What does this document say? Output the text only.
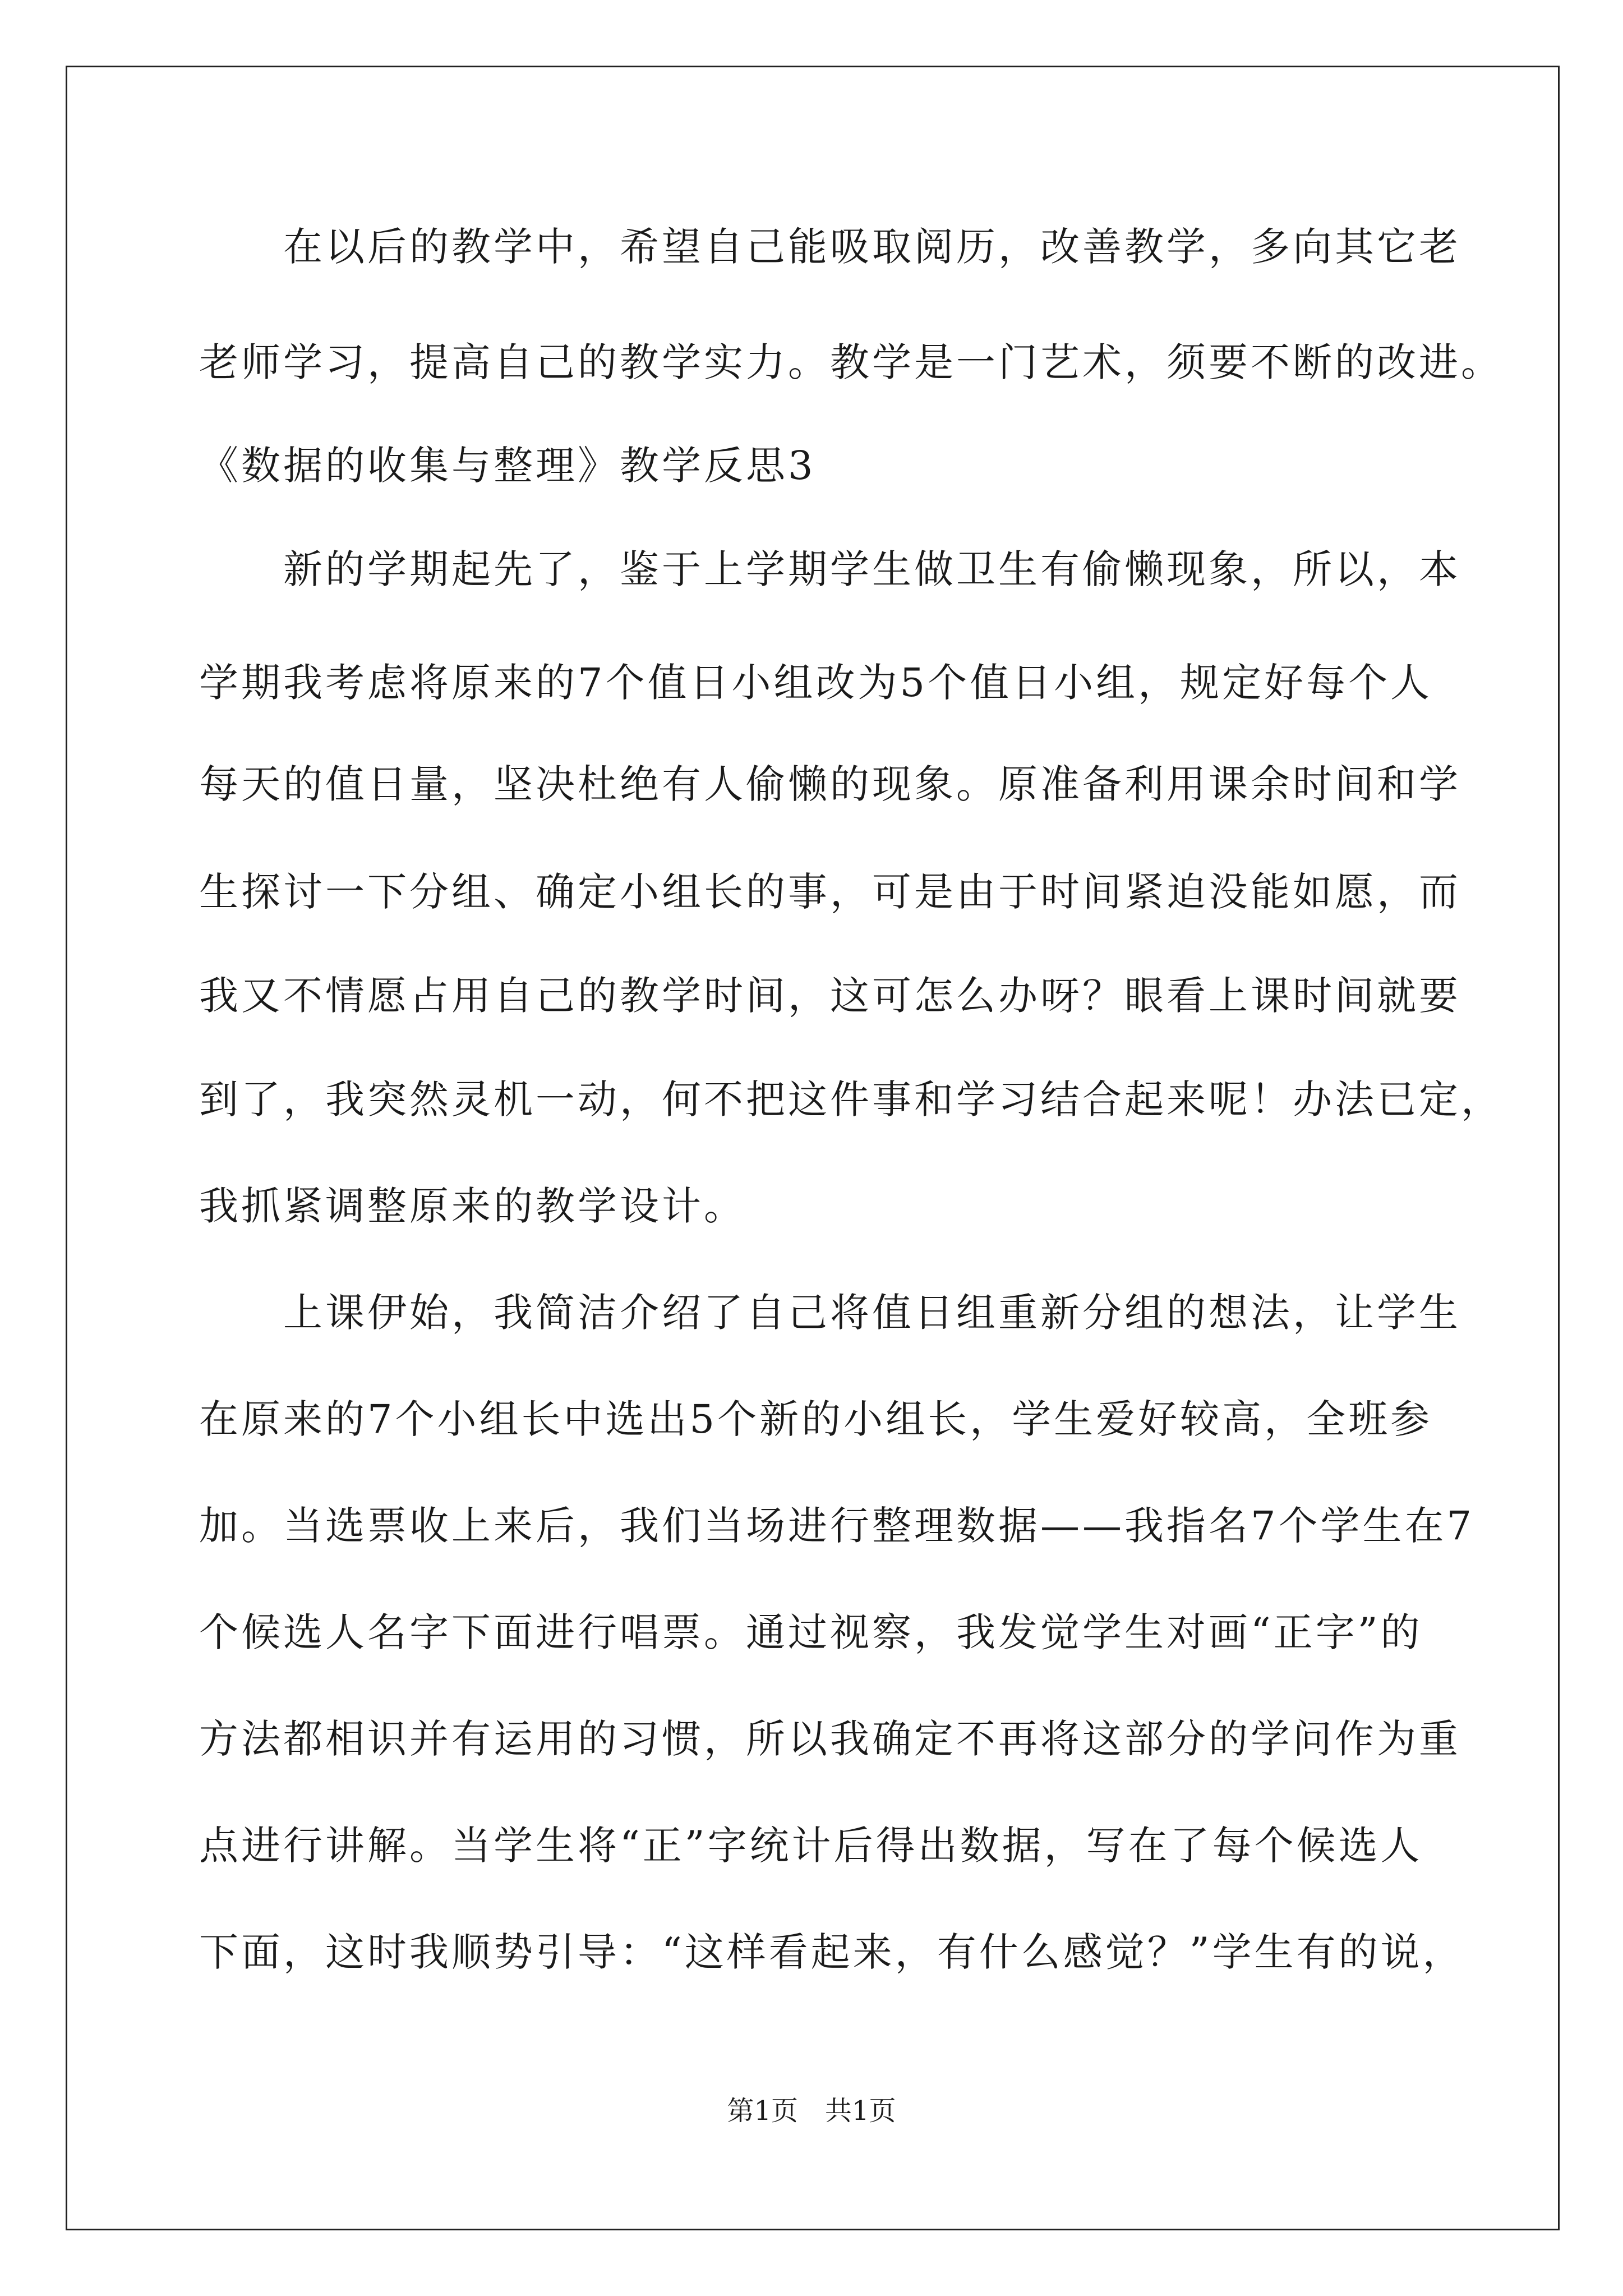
　　在以后的教学中，希望自己能吸取阅历，改善教学，多向其它老
老师学习，提高自己的教学实力。教学是一门艺术，须要不断的改进。
《数据的收集与整理》教学反思3
　　新的学期起先了，鉴于上学期学生做卫生有偷懒现象，所以，本
学期我考虑将原来的7个值日小组改为5个值日小组，规定好每个人
每天的值日量，坚决杜绝有人偷懒的现象。原准备利用课余时间和学
生探讨一下分组、确定小组长的事，可是由于时间紧迫没能如愿，而
我又不情愿占用自己的教学时间，这可怎么办呀？眼看上课时间就要
到了，我突然灵机一动，何不把这件事和学习结合起来呢！办法已定，
我抓紧调整原来的教学设计。
　　上课伊始，我简洁介绍了自己将值日组重新分组的想法，让学生
在原来的7个小组长中选出5个新的小组长，学生爱好较高，全班参
加。当选票收上来后，我们当场进行整理数据——我指名7个学生在7
个候选人名字下面进行唱票。通过视察，我发觉学生对画“正字”的
方法都相识并有运用的习惯，所以我确定不再将这部分的学问作为重
点进行讲解。当学生将“正”字统计后得出数据，写在了每个候选人
下面，这时我顺势引导：“这样看起来，有什么感觉？”学生有的说，
第1页　共1页
